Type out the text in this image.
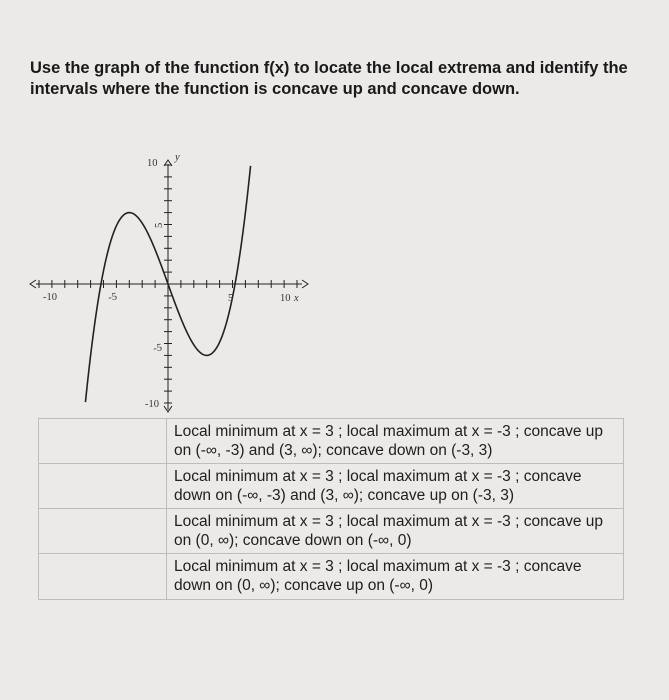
Use the graph of the function f(x) to locate the local extrema and identify the intervals where the function is concave up and concave down.
-10	-5	5	10 x
10
y
5
-5
-10
Local minimum at x = 3 ; local maximum at x = -3 ; concave up on (-∞, -3) and (3, ∞); concave down on (-3, 3)
Local minimum at x = 3 ; local maximum at x = -3 ; concave down on (-∞, -3) and (3, ∞); concave up on (-3, 3)
Local minimum at x = 3 ; local maximum at x = -3 ; concave up on (0, ∞); concave down on (-∞, 0)
Local minimum at x = 3 ; local maximum at x = -3 ; concave down on (0, ∞); concave up on (-∞, 0)
